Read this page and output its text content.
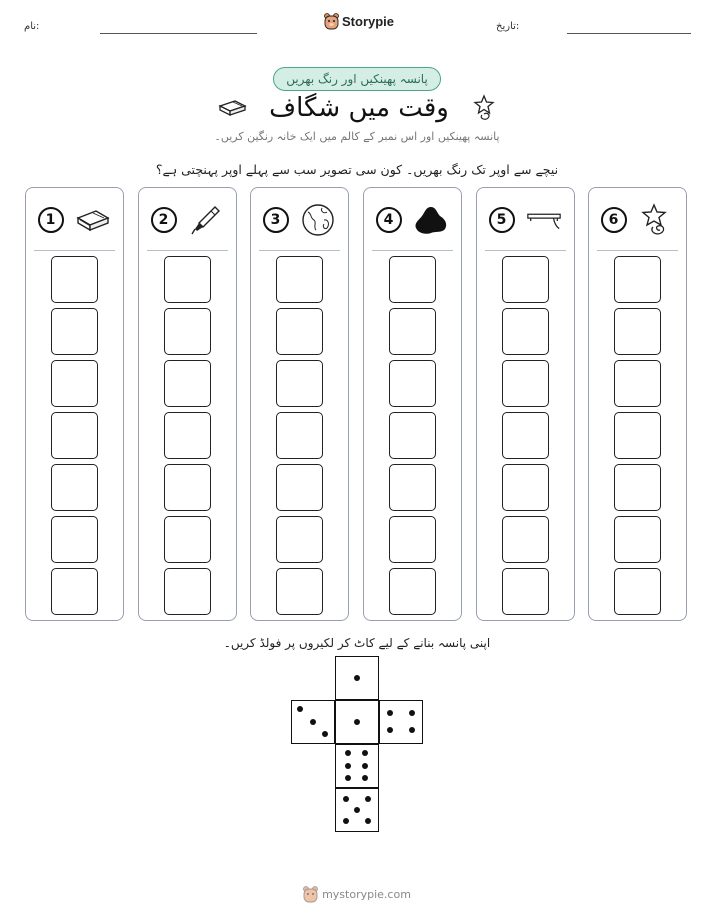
نام:	Storypie	تاریخ:
پانسہ پھینکیں اور رنگ بھریں
وقت میں شگاف
پانسہ پھینکیں اور اس نمبر کے کالم میں ایک خانہ رنگین کریں۔
نیچے سے اوپر تک رنگ بھریں۔ کون سی تصویر سب سے پہلے اوپر پہنچتی ہے؟
1	2	3	4	5	6
اپنی پانسہ بنانے کے لیے کاٹ کر لکیروں پر فولڈ کریں۔
mystorypie.com
